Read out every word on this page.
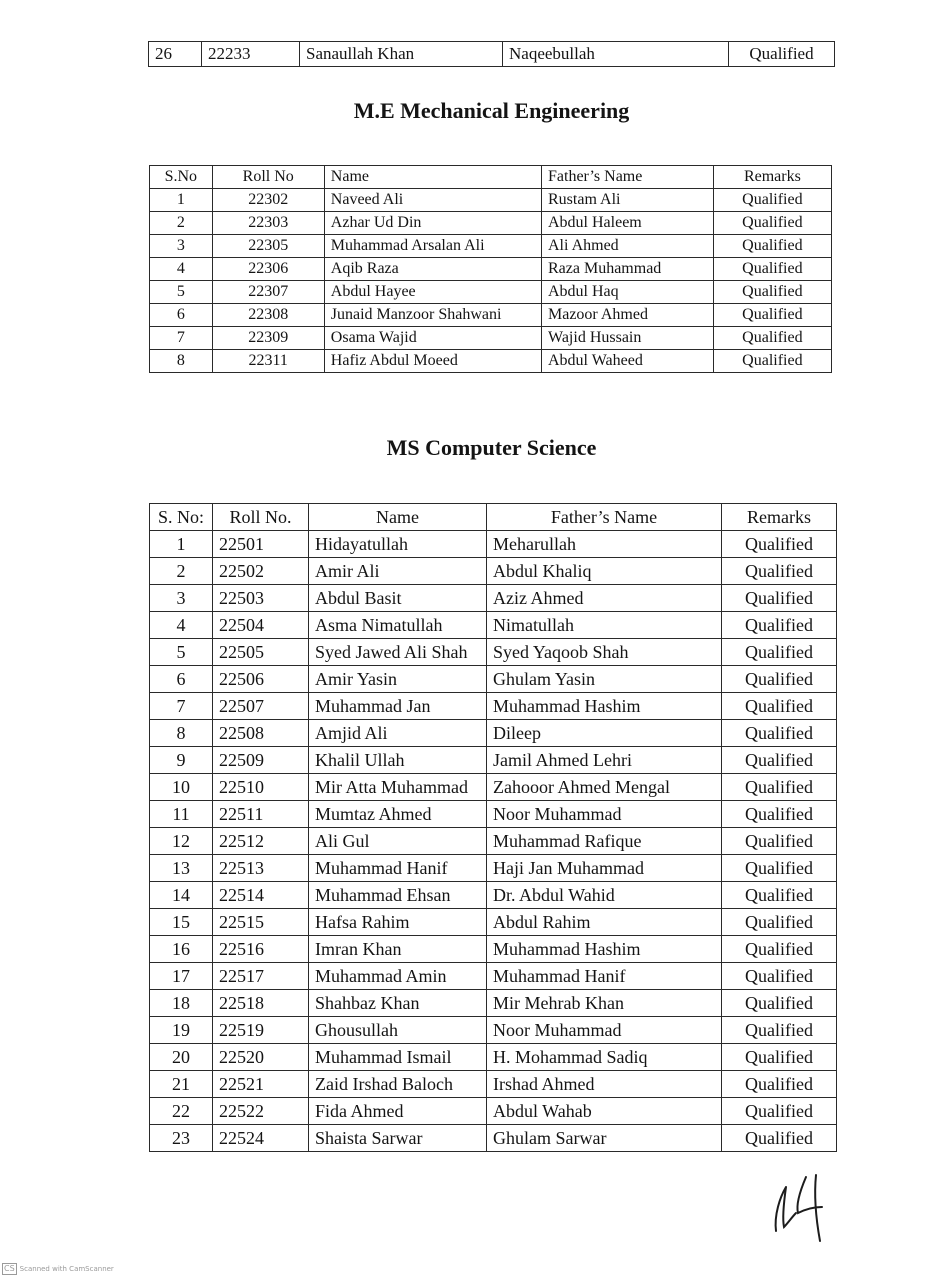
26	22233	Sanaullah Khan	Naqeebullah	Qualified
M.E Mechanical Engineering
S.No	Roll No	Name	Father’s Name	Remarks
1	22302	Naveed Ali	Rustam Ali	Qualified
2	22303	Azhar Ud Din	Abdul Haleem	Qualified
3	22305	Muhammad Arsalan Ali	Ali Ahmed	Qualified
4	22306	Aqib Raza	Raza Muhammad	Qualified
5	22307	Abdul Hayee	Abdul Haq	Qualified
6	22308	Junaid Manzoor Shahwani	Mazoor Ahmed	Qualified
7	22309	Osama Wajid	Wajid Hussain	Qualified
8	22311	Hafiz Abdul Moeed	Abdul Waheed	Qualified
MS Computer Science
S. No:	Roll No.	Name	Father’s Name	Remarks
1	22501	Hidayatullah	Meharullah	Qualified
2	22502	Amir Ali	Abdul Khaliq	Qualified
3	22503	Abdul Basit	Aziz Ahmed	Qualified
4	22504	Asma Nimatullah	Nimatullah	Qualified
5	22505	Syed Jawed Ali Shah	Syed Yaqoob Shah	Qualified
6	22506	Amir Yasin	Ghulam Yasin	Qualified
7	22507	Muhammad Jan	Muhammad Hashim	Qualified
8	22508	Amjid Ali	Dileep	Qualified
9	22509	Khalil Ullah	Jamil Ahmed Lehri	Qualified
10	22510	Mir Atta Muhammad	Zahooor Ahmed Mengal	Qualified
11	22511	Mumtaz Ahmed	Noor Muhammad	Qualified
12	22512	Ali Gul	Muhammad Rafique	Qualified
13	22513	Muhammad Hanif	Haji Jan Muhammad	Qualified
14	22514	Muhammad Ehsan	Dr. Abdul Wahid	Qualified
15	22515	Hafsa Rahim	Abdul Rahim	Qualified
16	22516	Imran Khan	Muhammad Hashim	Qualified
17	22517	Muhammad Amin	Muhammad Hanif	Qualified
18	22518	Shahbaz Khan	Mir Mehrab Khan	Qualified
19	22519	Ghousullah	Noor Muhammad	Qualified
20	22520	Muhammad Ismail	H. Mohammad Sadiq	Qualified
21	22521	Zaid Irshad Baloch	Irshad Ahmed	Qualified
22	22522	Fida Ahmed	Abdul Wahab	Qualified
23	22524	Shaista Sarwar	Ghulam Sarwar	Qualified
CS Scanned with CamScanner
